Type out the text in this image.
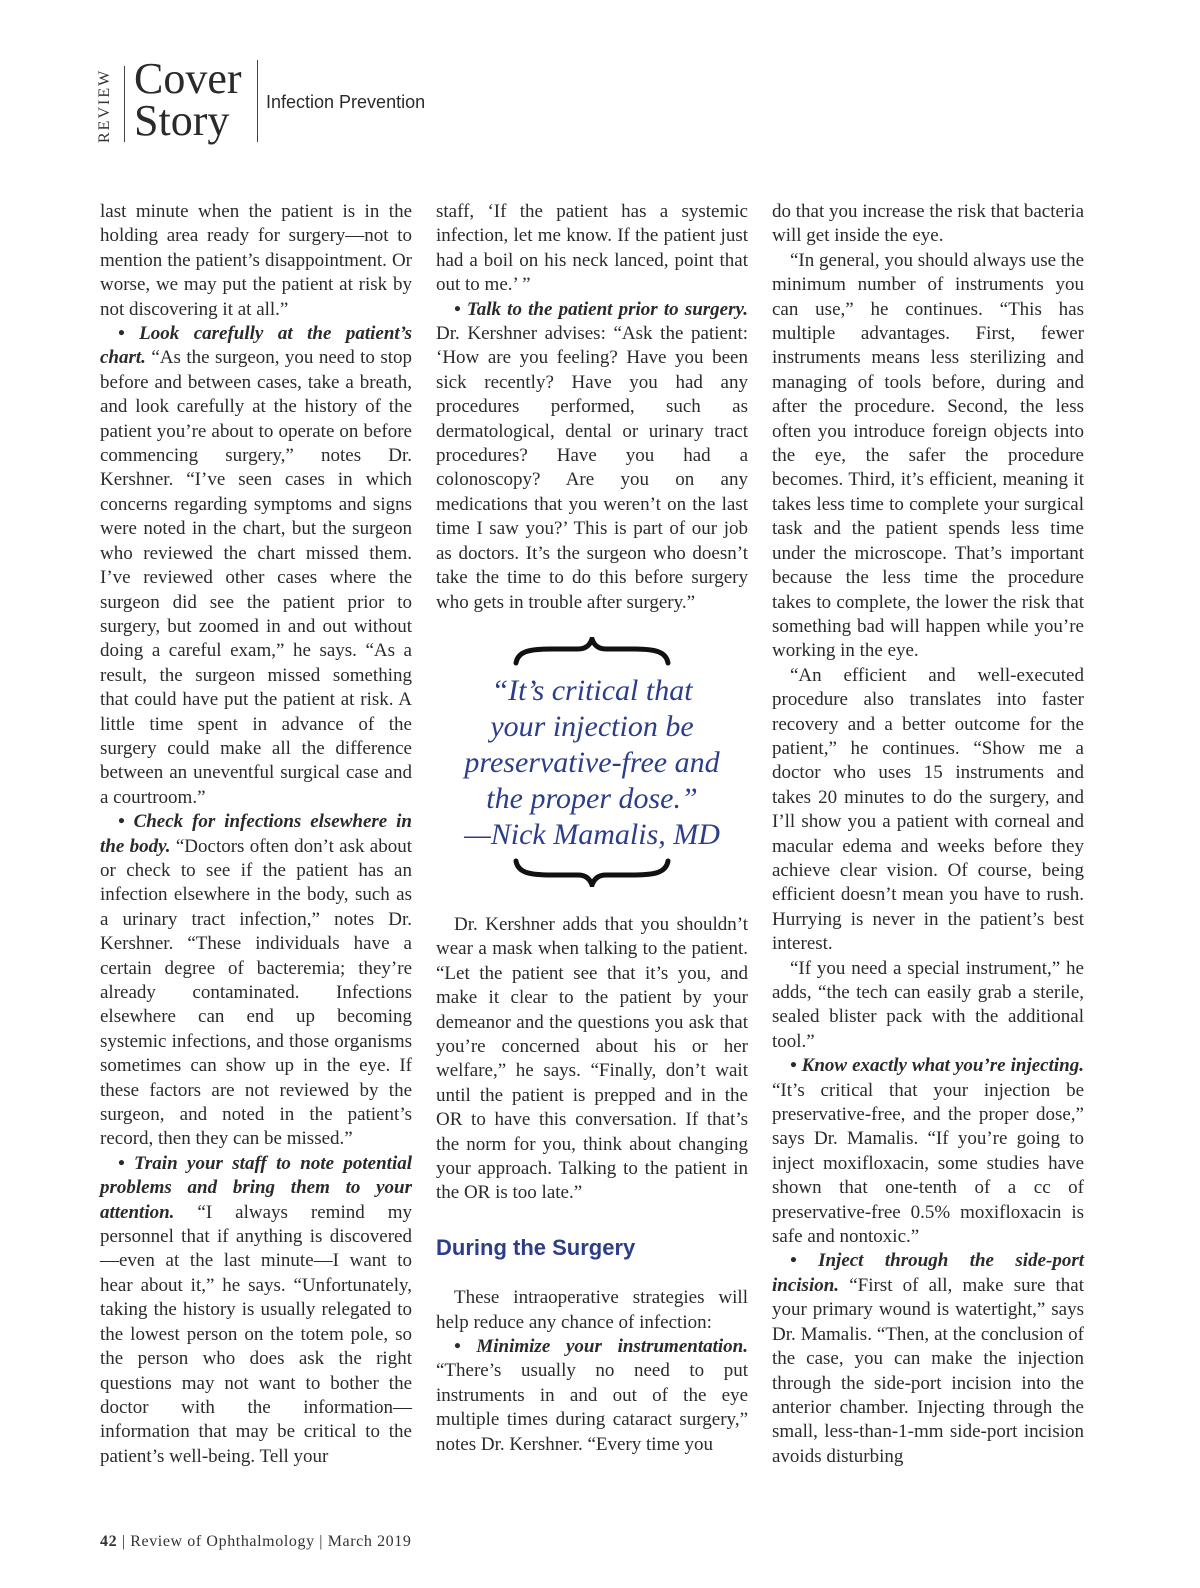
REVIEW Cover
Story	Infection Prevention

last minute when the patient is in the holding area ready for surgery—not to mention the patient’s disappointment. Or worse, we may put the patient at risk by not discovering it at all.”

• Look carefully at the patient’s chart. “As the surgeon, you need to stop before and between cases, take a breath, and look carefully at the history of the patient you’re about to operate on before commencing surgery,” notes Dr. Kershner. “I’ve seen cases in which concerns regarding symptoms and signs were noted in the chart, but the surgeon who reviewed the chart missed them. I’ve reviewed other cases where the surgeon did see the patient prior to surgery, but zoomed in and out without doing a careful exam,” he says. “As a result, the surgeon missed something that could have put the patient at risk. A little time spent in advance of the surgery could make all the difference between an uneventful surgical case and a courtroom.”

• Check for infections elsewhere in the body. “Doctors often don’t ask about or check to see if the patient has an infection elsewhere in the body, such as a urinary tract infection,” notes Dr. Kershner. “These individuals have a certain degree of bacteremia; they’re already contaminated. Infections elsewhere can end up becoming systemic infections, and those organisms sometimes can show up in the eye. If these factors are not reviewed by the surgeon, and noted in the patient’s record, then they can be missed.”

• Train your staff to note potential problems and bring them to your attention. “I always remind my personnel that if anything is discovered—even at the last minute—I want to hear about it,” he says. “Unfortunately, taking the history is usually relegated to the lowest person on the totem pole, so the person who does ask the right questions may not want to bother the doctor with the information—information that may be critical to the patient’s well-being. Tell your

staff, ‘If the patient has a systemic infection, let me know. If the patient just had a boil on his neck lanced, point that out to me.’ ”

• Talk to the patient prior to surgery. Dr. Kershner advises: “Ask the patient: ‘How are you feeling? Have you been sick recently? Have you had any procedures performed, such as dermatological, dental or urinary tract procedures? Have you had a colonoscopy? Are you on any medications that you weren’t on the last time I saw you?’ This is part of our job as doctors. It’s the surgeon who doesn’t take the time to do this before surgery who gets in trouble after surgery.”

“It’s critical that
your injection be
preservative-free and
the proper dose.”
—Nick Mamalis, MD

Dr. Kershner adds that you shouldn’t wear a mask when talking to the patient. “Let the patient see that it’s you, and make it clear to the patient by your demeanor and the questions you ask that you’re concerned about his or her welfare,” he says. “Finally, don’t wait until the patient is prepped and in the OR to have this conversation. If that’s the norm for you, think about changing your approach. Talking to the patient in the OR is too late.”

During the Surgery

These intraoperative strategies will help reduce any chance of infection:

• Minimize your instrumentation. “There’s usually no need to put instruments in and out of the eye multiple times during cataract surgery,” notes Dr. Kershner. “Every time you

do that you increase the risk that bacteria will get inside the eye.

“In general, you should always use the minimum number of instruments you can use,” he continues. “This has multiple advantages. First, fewer instruments means less sterilizing and managing of tools before, during and after the procedure. Second, the less often you introduce foreign objects into the eye, the safer the procedure becomes. Third, it’s efficient, meaning it takes less time to complete your surgical task and the patient spends less time under the microscope. That’s important because the less time the procedure takes to complete, the lower the risk that something bad will happen while you’re working in the eye.

“An efficient and well-executed procedure also translates into faster recovery and a better outcome for the patient,” he continues. “Show me a doctor who uses 15 instruments and takes 20 minutes to do the surgery, and I’ll show you a patient with corneal and macular edema and weeks before they achieve clear vision. Of course, being efficient doesn’t mean you have to rush. Hurrying is never in the patient’s best interest.

“If you need a special instrument,” he adds, “the tech can easily grab a sterile, sealed blister pack with the additional tool.”

• Know exactly what you’re injecting. “It’s critical that your injection be preservative-free, and the proper dose,” says Dr. Mamalis. “If you’re going to inject moxifloxacin, some studies have shown that one-tenth of a cc of preservative-free 0.5% moxifloxacin is safe and nontoxic.”

• Inject through the side-port incision. “First of all, make sure that your primary wound is watertight,” says Dr. Mamalis. “Then, at the conclusion of the case, you can make the injection through the side-port incision into the anterior chamber. Injecting through the small, less-than-1-mm side-port incision avoids disturbing

42 | Review of Ophthalmology | March 2019
